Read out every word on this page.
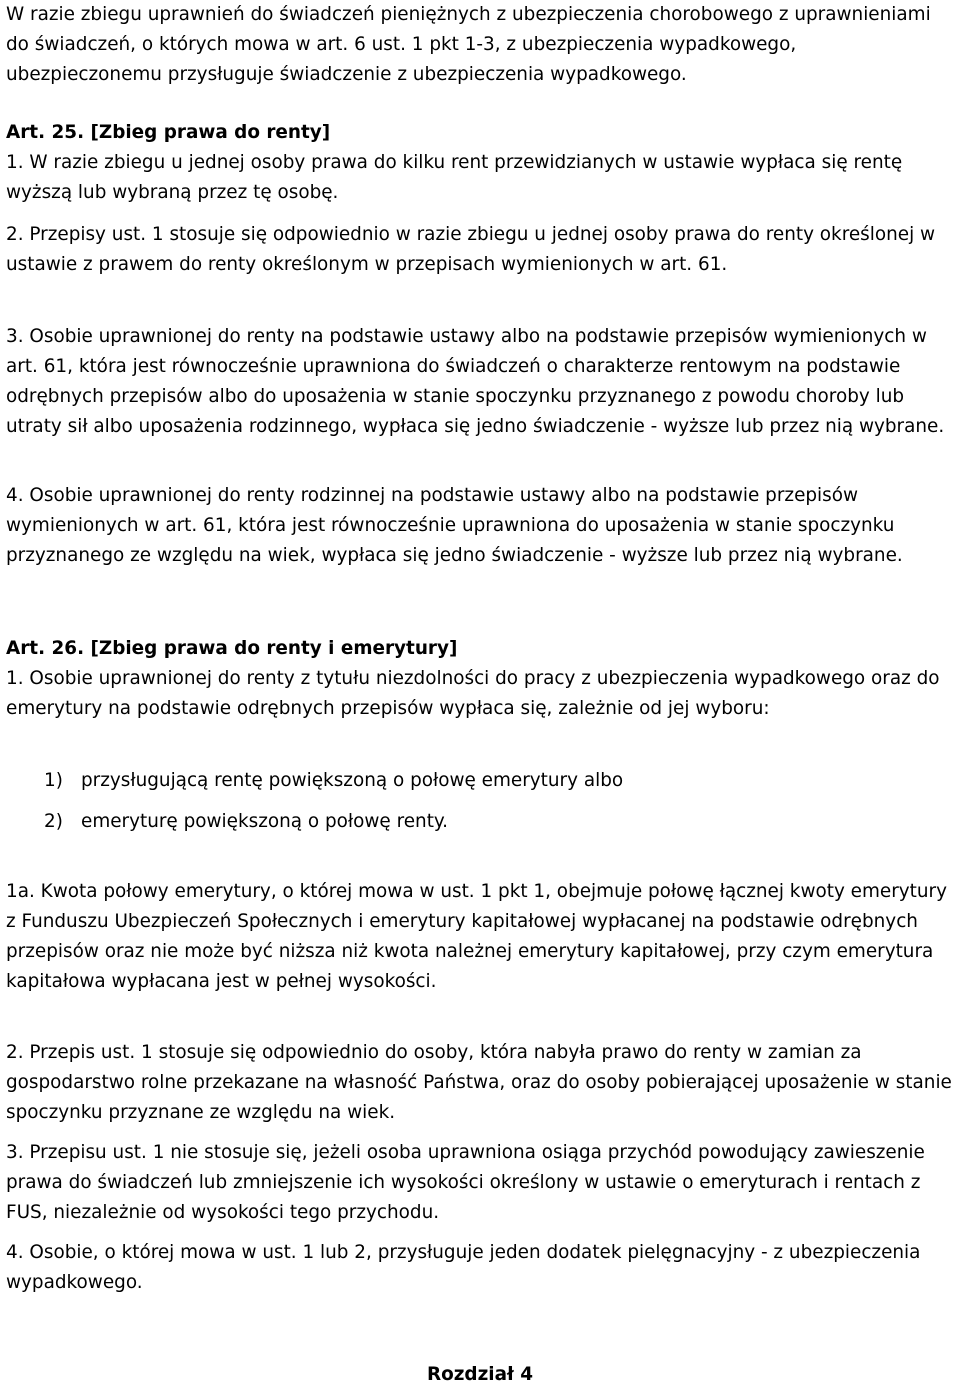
W razie zbiegu uprawnień do świadczeń pieniężnych z ubezpieczenia chorobowego z uprawnieniami do świadczeń, o których mowa w art. 6 ust. 1 pkt 1-3, z ubezpieczenia wypadkowego, ubezpieczonemu przysługuje świadczenie z ubezpieczenia wypadkowego.

Art. 25. [Zbieg prawa do renty]

1. W razie zbiegu u jednej osoby prawa do kilku rent przewidzianych w ustawie wypłaca się rentę wyższą lub wybraną przez tę osobę.

2. Przepisy ust. 1 stosuje się odpowiednio w razie zbiegu u jednej osoby prawa do renty określonej w ustawie z prawem do renty określonym w przepisach wymienionych w art. 61.

3. Osobie uprawnionej do renty na podstawie ustawy albo na podstawie przepisów wymienionych w art. 61, która jest równocześnie uprawniona do świadczeń o charakterze rentowym na podstawie odrębnych przepisów albo do uposażenia w stanie spoczynku przyznanego z powodu choroby lub utraty sił albo uposażenia rodzinnego, wypłaca się jedno świadczenie - wyższe lub przez nią wybrane.

4. Osobie uprawnionej do renty rodzinnej na podstawie ustawy albo na podstawie przepisów wymienionych w art. 61, która jest równocześnie uprawniona do uposażenia w stanie spoczynku przyznanego ze względu na wiek, wypłaca się jedno świadczenie - wyższe lub przez nią wybrane.

Art. 26. [Zbieg prawa do renty i emerytury]

1. Osobie uprawnionej do renty z tytułu niezdolności do pracy z ubezpieczenia wypadkowego oraz do emerytury na podstawie odrębnych przepisów wypłaca się, zależnie od jej wyboru:

1) przysługującą rentę powiększoną o połowę emerytury albo
2) emeryturę powiększoną o połowę renty.

1a. Kwota połowy emerytury, o której mowa w ust. 1 pkt 1, obejmuje połowę łącznej kwoty emerytury z Funduszu Ubezpieczeń Społecznych i emerytury kapitałowej wypłacanej na podstawie odrębnych przepisów oraz nie może być niższa niż kwota należnej emerytury kapitałowej, przy czym emerytura kapitałowa wypłacana jest w pełnej wysokości.

2. Przepis ust. 1 stosuje się odpowiednio do osoby, która nabyła prawo do renty w zamian za gospodarstwo rolne przekazane na własność Państwa, oraz do osoby pobierającej uposażenie w stanie spoczynku przyznane ze względu na wiek.

3. Przepisu ust. 1 nie stosuje się, jeżeli osoba uprawniona osiąga przychód powodujący zawieszenie prawa do świadczeń lub zmniejszenie ich wysokości określony w ustawie o emeryturach i rentach z FUS, niezależnie od wysokości tego przychodu.

4. Osobie, o której mowa w ust. 1 lub 2, przysługuje jeden dodatek pielęgnacyjny - z ubezpieczenia wypadkowego.

Rozdział 4
